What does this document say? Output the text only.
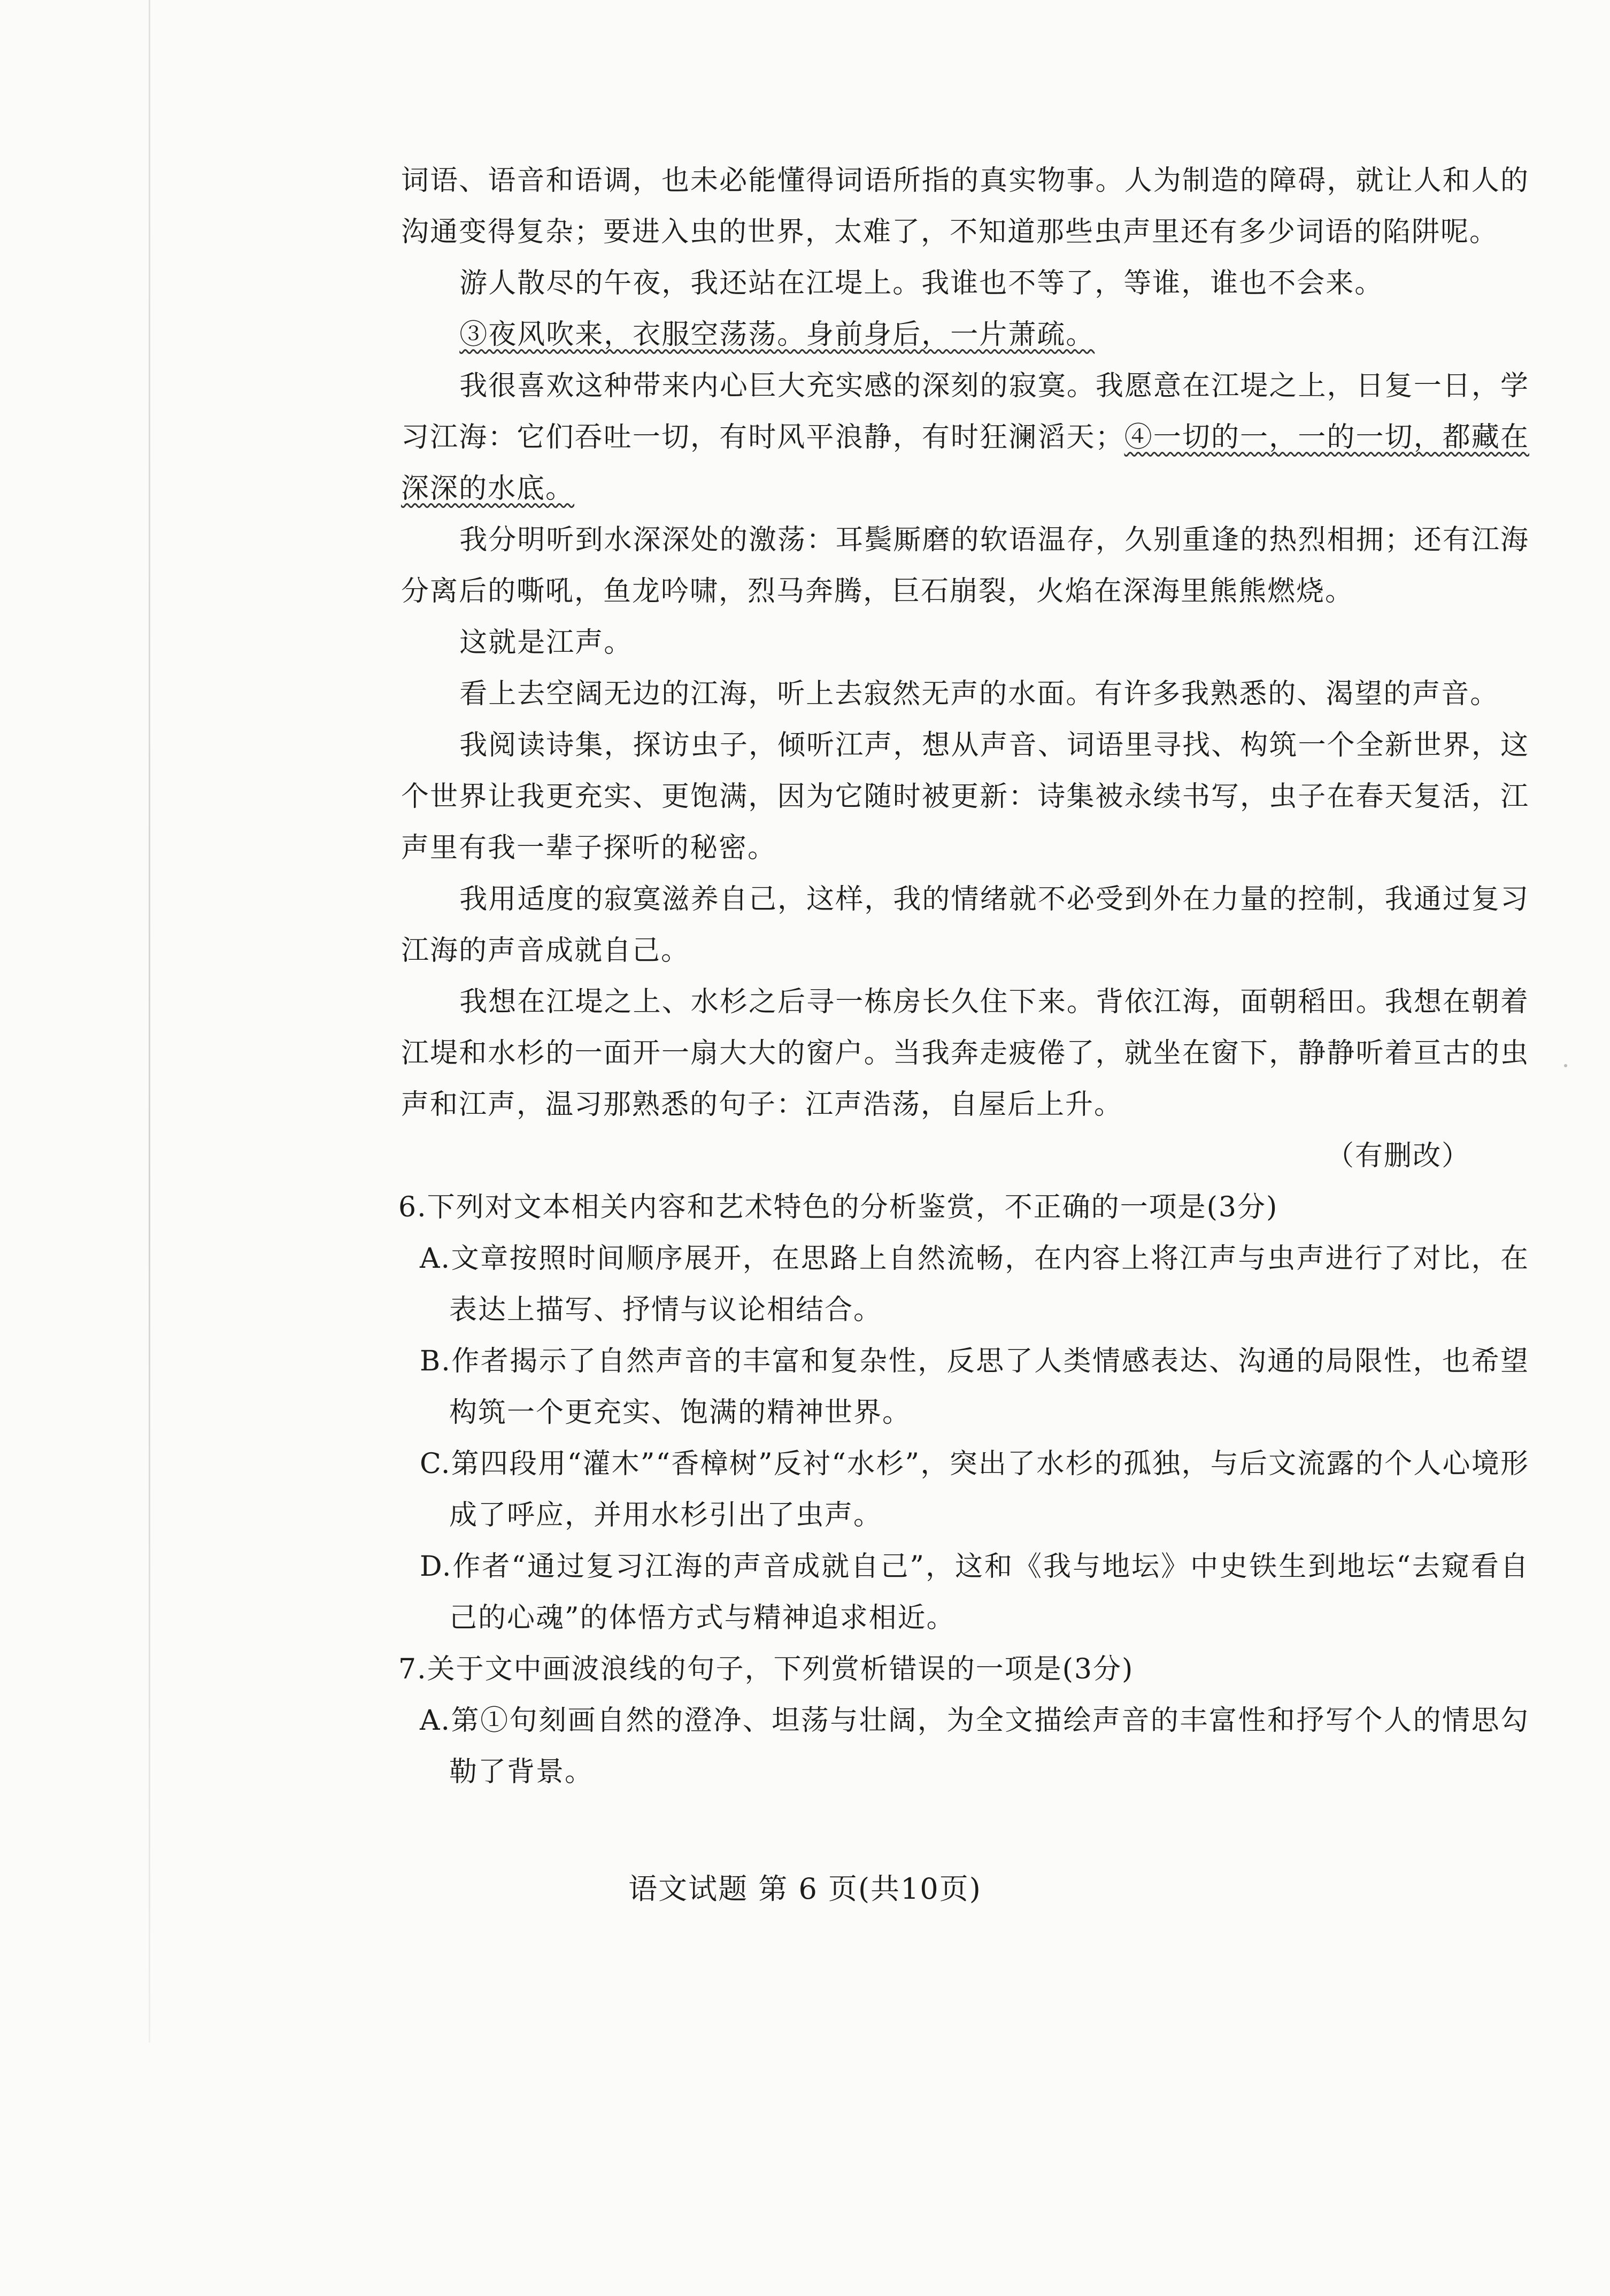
词语、语音和语调，也未必能懂得词语所指的真实物事。人为制造的障碍，就让人和人的沟通变得复杂；要进入虫的世界，太难了，不知道那些虫声里还有多少词语的陷阱呢。

游人散尽的午夜，我还站在江堤上。我谁也不等了，等谁，谁也不会来。

③夜风吹来，衣服空荡荡。身前身后，一片萧疏。

我很喜欢这种带来内心巨大充实感的深刻的寂寞。我愿意在江堤之上，日复一日，学习江海：它们吞吐一切，有时风平浪静，有时狂澜滔天；④一切的一，一的一切，都藏在深深的水底。

我分明听到水深深处的激荡：耳鬓厮磨的软语温存，久别重逢的热烈相拥；还有江海分离后的嘶吼，鱼龙吟啸，烈马奔腾，巨石崩裂，火焰在深海里熊熊燃烧。

这就是江声。

看上去空阔无边的江海，听上去寂然无声的水面。有许多我熟悉的、渴望的声音。

我阅读诗集，探访虫子，倾听江声，想从声音、词语里寻找、构筑一个全新世界，这个世界让我更充实、更饱满，因为它随时被更新：诗集被永续书写，虫子在春天复活，江声里有我一辈子探听的秘密。

我用适度的寂寞滋养自己，这样，我的情绪就不必受到外在力量的控制，我通过复习江海的声音成就自己。

我想在江堤之上、水杉之后寻一栋房长久住下来。背依江海，面朝稻田。我想在朝着江堤和水杉的一面开一扇大大的窗户。当我奔走疲倦了，就坐在窗下，静静听着亘古的虫声和江声，温习那熟悉的句子：江声浩荡，自屋后上升。

（有删改）

6.下列对文本相关内容和艺术特色的分析鉴赏，不正确的一项是(3分)

A.文章按照时间顺序展开，在思路上自然流畅，在内容上将江声与虫声进行了对比，在表达上描写、抒情与议论相结合。

B.作者揭示了自然声音的丰富和复杂性，反思了人类情感表达、沟通的局限性，也希望构筑一个更充实、饱满的精神世界。

C.第四段用“灌木”“香樟树”反衬“水杉”，突出了水杉的孤独，与后文流露的个人心境形成了呼应，并用水杉引出了虫声。

D.作者“通过复习江海的声音成就自己”，这和《我与地坛》中史铁生到地坛“去窥看自己的心魂”的体悟方式与精神追求相近。

7.关于文中画波浪线的句子，下列赏析错误的一项是(3分)

A.第①句刻画自然的澄净、坦荡与壮阔，为全文描绘声音的丰富性和抒写个人的情思勾勒了背景。

语文试题 第 6 页(共10页)
